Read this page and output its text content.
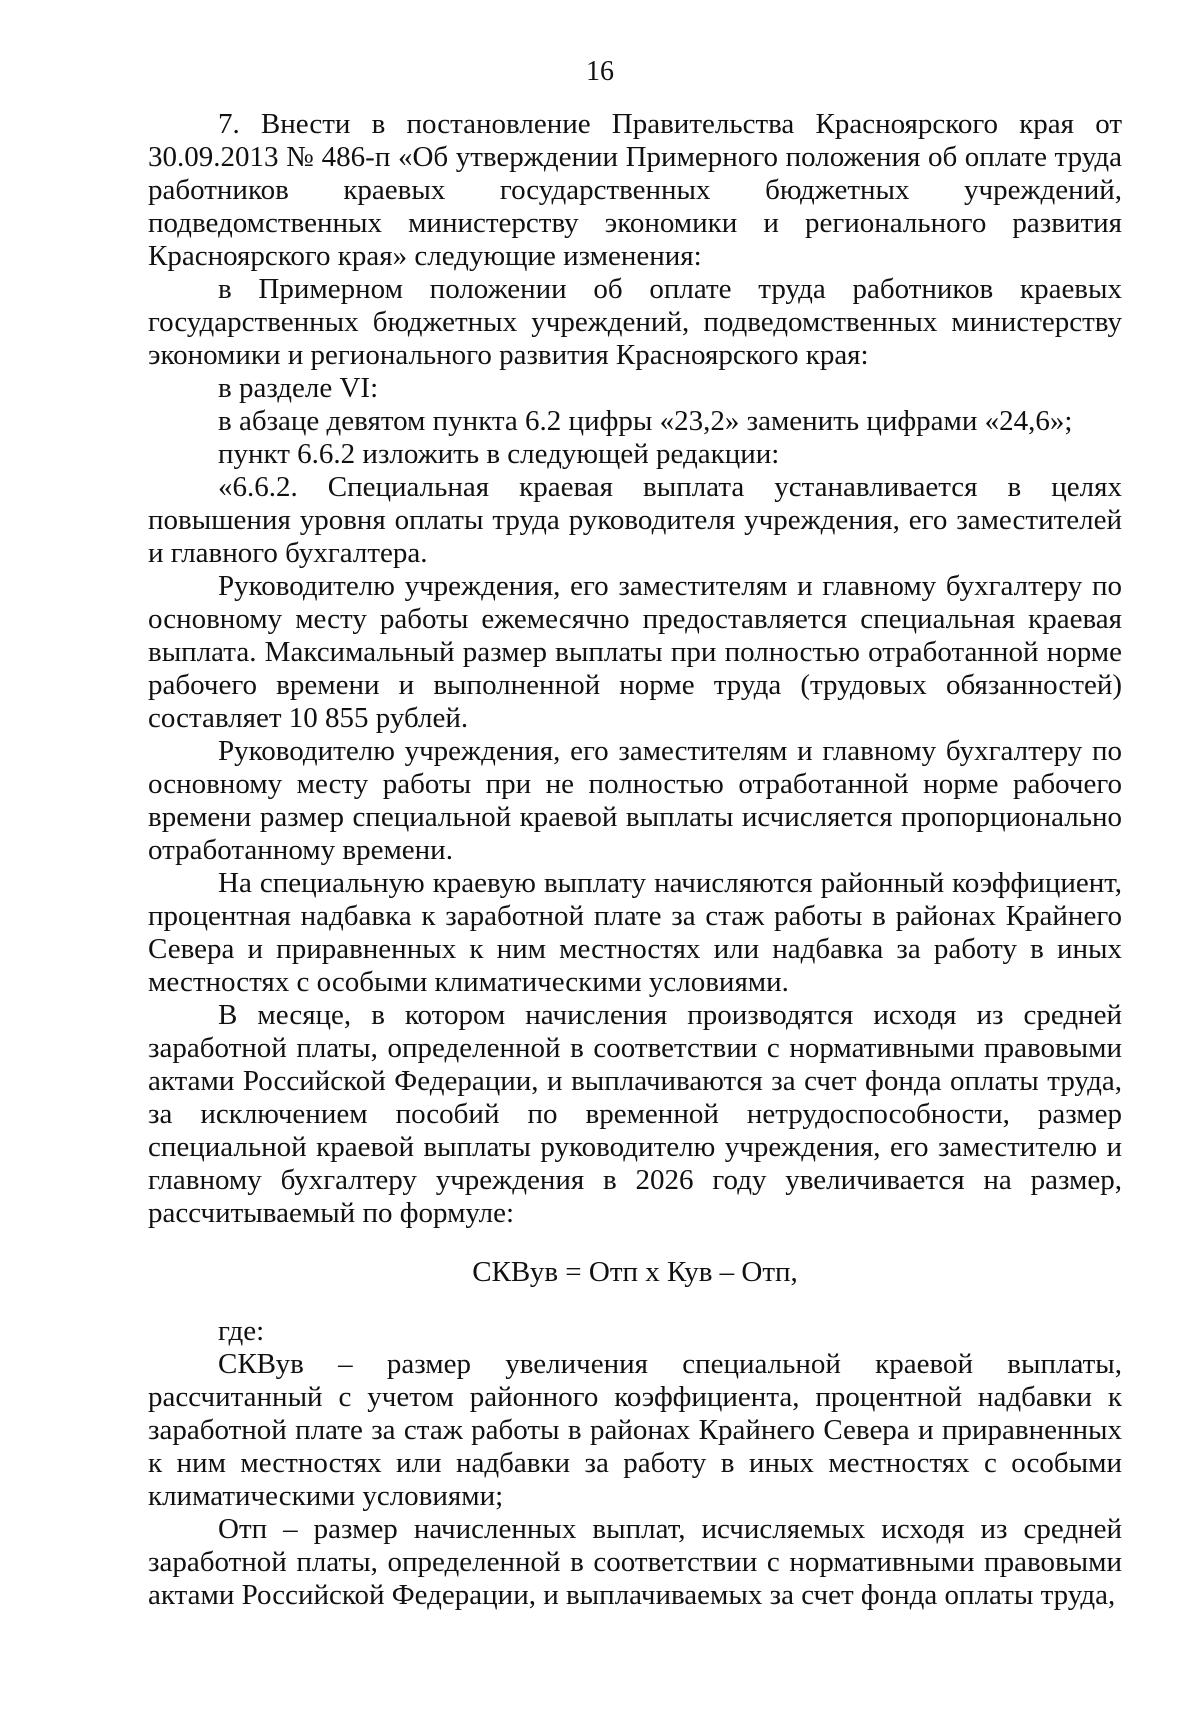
16

7. Внести в постановление Правительства Красноярского края от 30.09.2013 № 486-п «Об утверждении Примерного положения об оплате труда работников краевых государственных бюджетных учреждений, подведомственных министерству экономики и регионального развития Красноярского края» следующие изменения:

в Примерном положении об оплате труда работников краевых государственных бюджетных учреждений, подведомственных министерству экономики и регионального развития Красноярского края:

в разделе VI:

в абзаце девятом пункта 6.2 цифры «23,2» заменить цифрами «24,6»;

пункт 6.6.2 изложить в следующей редакции:

«6.6.2. Специальная краевая выплата устанавливается в целях повышения уровня оплаты труда руководителя учреждения, его заместителей и главного бухгалтера.

Руководителю учреждения, его заместителям и главному бухгалтеру по основному месту работы ежемесячно предоставляется специальная краевая выплата. Максимальный размер выплаты при полностью отработанной норме рабочего времени и выполненной норме труда (трудовых обязанностей) составляет 10 855 рублей.

Руководителю учреждения, его заместителям и главному бухгалтеру по основному месту работы при не полностью отработанной норме рабочего времени размер специальной краевой выплаты исчисляется пропорционально отработанному времени.

На специальную краевую выплату начисляются районный коэффициент, процентная надбавка к заработной плате за стаж работы в районах Крайнего Севера и приравненных к ним местностях или надбавка за работу в иных местностях с особыми климатическими условиями.

В месяце, в котором начисления производятся исходя из средней заработной платы, определенной в соответствии с нормативными правовыми актами Российской Федерации, и выплачиваются за счет фонда оплаты труда, за исключением пособий по временной нетрудоспособности, размер специальной краевой выплаты руководителю учреждения, его заместителю и главному бухгалтеру учреждения в 2026 году увеличивается на размер, рассчитываемый по формуле:

СКВув = Отп х Кув – Отп,

где:

СКВув – размер увеличения специальной краевой выплаты, рассчитанный с учетом районного коэффициента, процентной надбавки к заработной плате за стаж работы в районах Крайнего Севера и приравненных к ним местностях или надбавки за работу в иных местностях с особыми климатическими условиями;

Отп – размер начисленных выплат, исчисляемых исходя из средней заработной платы, определенной в соответствии с нормативными правовыми актами Российской Федерации, и выплачиваемых за счет фонда оплаты труда,
